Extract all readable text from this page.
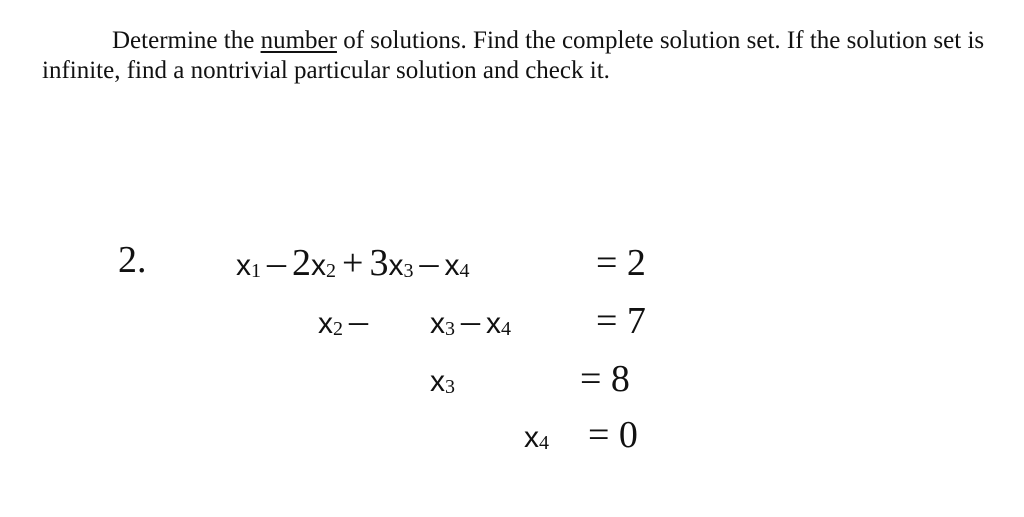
Determine the number of solutions. Find the complete solution set. If the solution set is infinite, find a nontrivial particular solution and check it.
2.	$x_1 - 2x_2 + 3x_3 - x_4$	= 2
$x_2 - x_3 - x_4 = 7$
$x_3$	= 8
$x_4 = 0$
